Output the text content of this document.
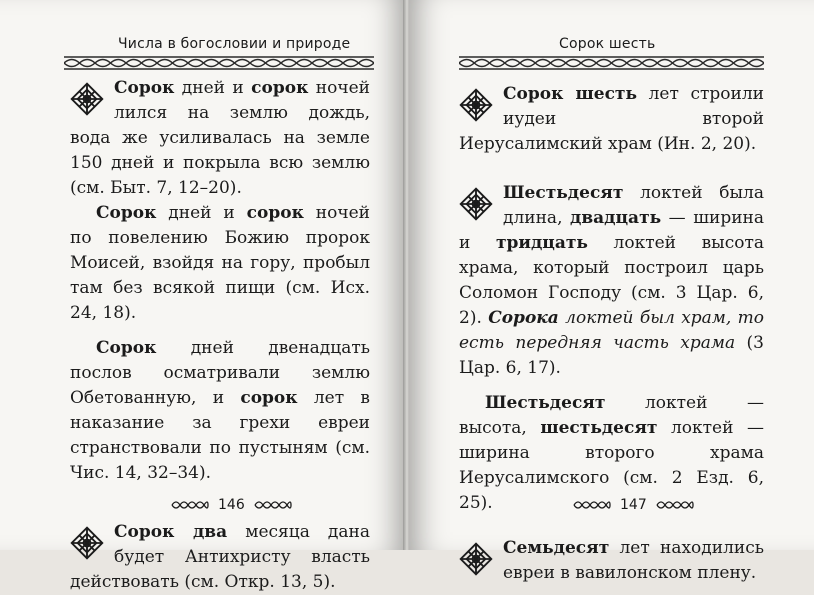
Числа в богословии и природе

Сорок дней и сорок ночей лился на землю дождь, вода же усиливалась на земле 150 дней и покрыла всю землю (см. Быт. 7, 12–20).

Сорок дней и сорок ночей по повелению Божию пророк Моисей, взойдя на гору, пробыл там без всякой пищи (см. Исх. 24, 18).

Сорок дней двенадцать послов осматривали землю Обетованную, и сорок лет в наказание за грехи евреи странствовали по пустыням (см. Чис. 14, 32–34).

Сорок два месяца дана будет Антихристу власть действовать (см. Откр. 13, 5).

146
Сорок шесть

Сорок шесть лет строили иудеи второй Иерусалимский храм (Ин. 2, 20).

Шестьдесят локтей была длина, двадцать — ширина и тридцать локтей высота храма, который построил царь Соломон Господу (см. 3 Цар. 6, 2). Сорока локтей был храм, то есть передняя часть храма (3 Цар. 6, 17).

Шестьдесят локтей — высота, шестьдесят локтей — ширина второго храма Иерусалимского (см. 2 Езд. 6, 25).

Семьдесят лет находились евреи в вавилонском плену.

147
